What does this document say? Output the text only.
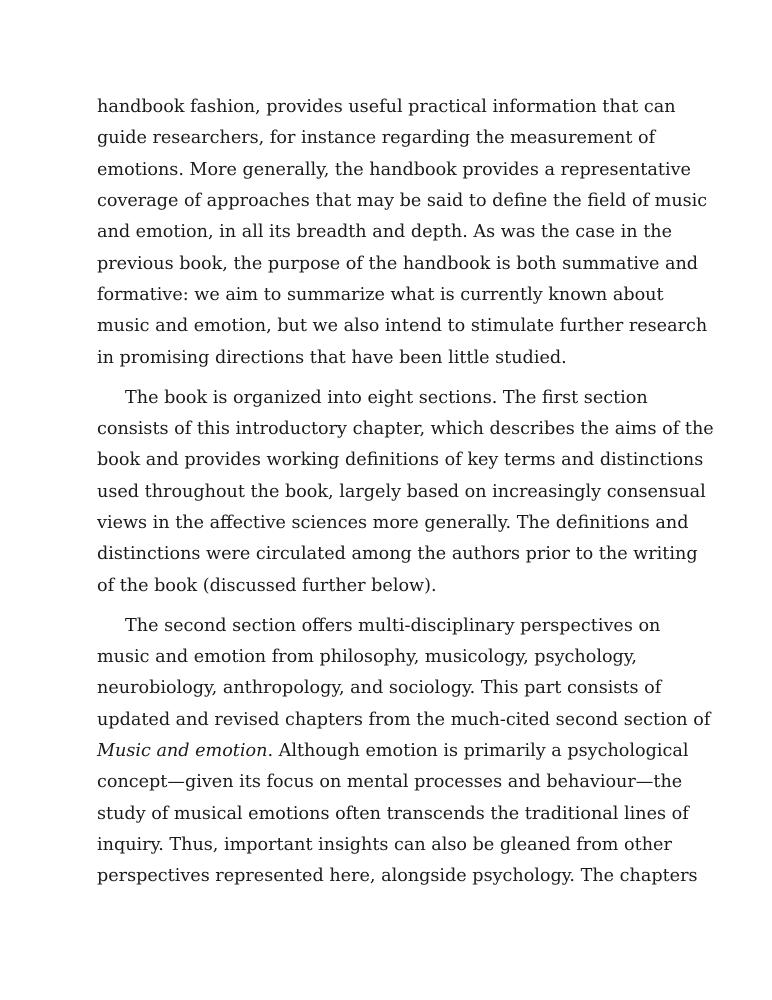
handbook fashion, provides useful practical information that can
guide researchers, for instance regarding the measurement of
emotions. More generally, the handbook provides a representative
coverage of approaches that may be said to define the field of music
and emotion, in all its breadth and depth. As was the case in the
previous book, the purpose of the handbook is both summative and
formative: we aim to summarize what is currently known about
music and emotion, but we also intend to stimulate further research
in promising directions that have been little studied.

The book is organized into eight sections. The first section
consists of this introductory chapter, which describes the aims of the
book and provides working definitions of key terms and distinctions
used throughout the book, largely based on increasingly consensual
views in the affective sciences more generally. The definitions and
distinctions were circulated among the authors prior to the writing
of the book (discussed further below).

The second section offers multi-disciplinary perspectives on
music and emotion from philosophy, musicology, psychology,
neurobiology, anthropology, and sociology. This part consists of
updated and revised chapters from the much-cited second section of
Music and emotion. Although emotion is primarily a psychological
concept—given its focus on mental processes and behaviour—the
study of musical emotions often transcends the traditional lines of
inquiry. Thus, important insights can also be gleaned from other
perspectives represented here, alongside psychology. The chapters
